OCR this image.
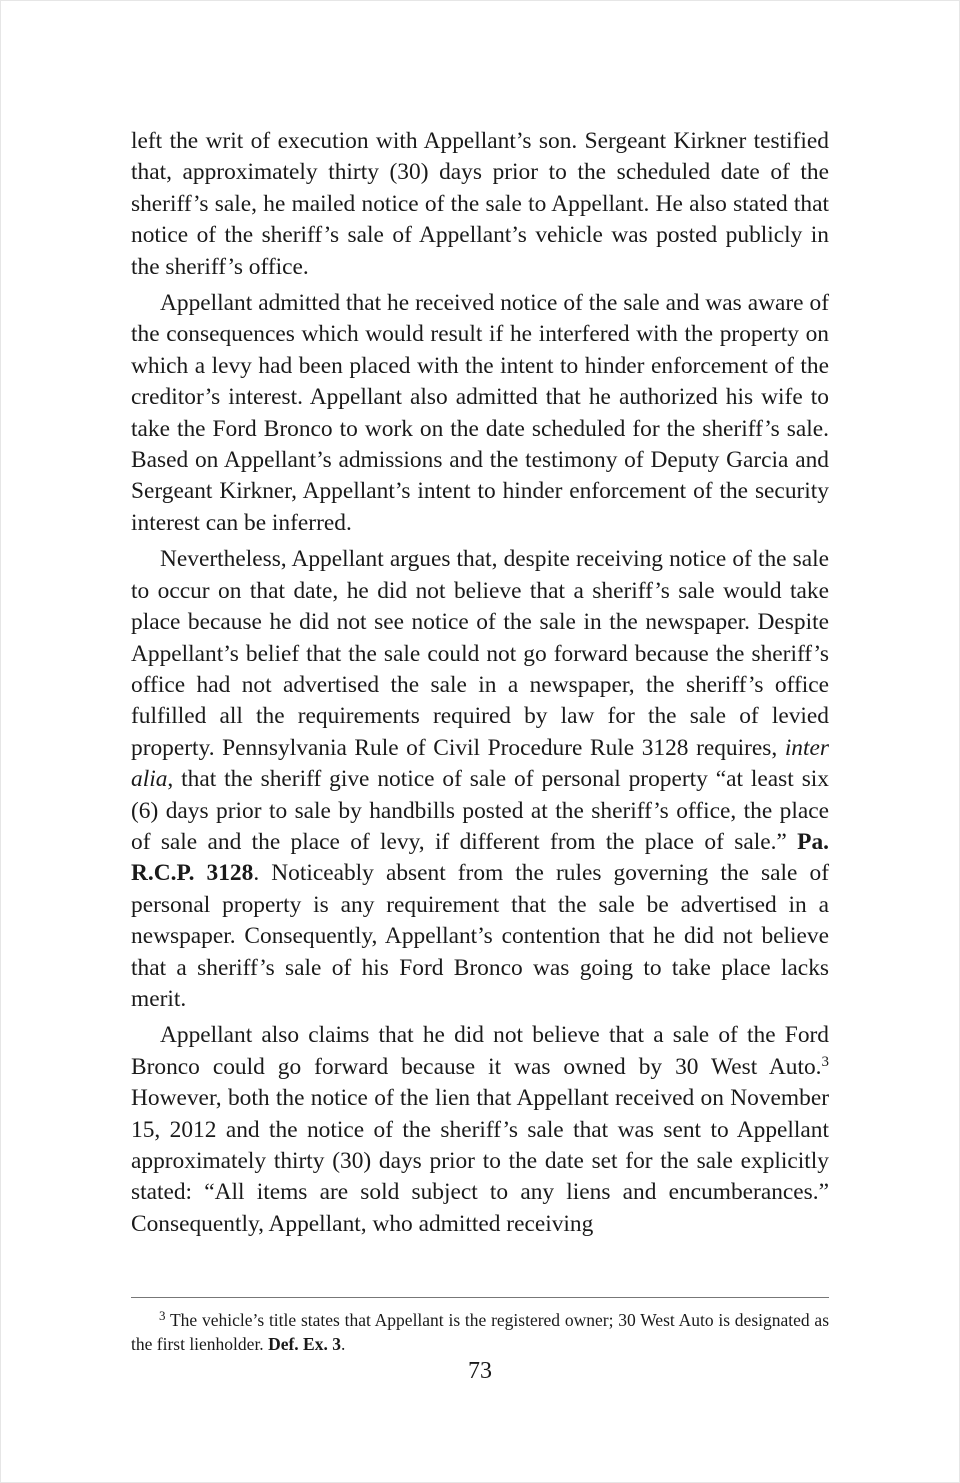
left the writ of execution with Appellant’s son. Sergeant Kirkner testified that, approximately thirty (30) days prior to the scheduled date of the sheriff’s sale, he mailed notice of the sale to Appellant. He also stated that notice of the sheriff’s sale of Appellant’s vehicle was posted publicly in the sheriff’s office.

Appellant admitted that he received notice of the sale and was aware of the consequences which would result if he interfered with the property on which a levy had been placed with the intent to hinder enforcement of the creditor’s interest. Appellant also admitted that he authorized his wife to take the Ford Bronco to work on the date scheduled for the sheriff’s sale. Based on Appellant’s admissions and the testimony of Deputy Garcia and Sergeant Kirkner, Appellant’s intent to hinder enforcement of the security interest can be inferred.

Nevertheless, Appellant argues that, despite receiving notice of the sale to occur on that date, he did not believe that a sheriff’s sale would take place because he did not see notice of the sale in the newspaper. Despite Appellant’s belief that the sale could not go forward because the sheriff’s office had not advertised the sale in a newspaper, the sheriff’s office fulfilled all the requirements required by law for the sale of levied property. Pennsylvania Rule of Civil Procedure Rule 3128 requires, inter alia, that the sheriff give notice of sale of personal property “at least six (6) days prior to sale by handbills posted at the sheriff’s office, the place of sale and the place of levy, if different from the place of sale.” Pa. R.C.P. 3128. Noticeably absent from the rules governing the sale of personal property is any requirement that the sale be advertised in a newspaper. Consequently, Appellant’s contention that he did not believe that a sheriff’s sale of his Ford Bronco was going to take place lacks merit.

Appellant also claims that he did not believe that a sale of the Ford Bronco could go forward because it was owned by 30 West Auto.$^3$ However, both the notice of the lien that Appellant received on November 15, 2012 and the notice of the sheriff’s sale that was sent to Appellant approximately thirty (30) days prior to the date set for the sale explicitly stated: “All items are sold subject to any liens and encumberances.” Consequently, Appellant, who admitted receiving

$^3$ The vehicle’s title states that Appellant is the registered owner; 30 West Auto is designated as the first lienholder. Def. Ex. 3.
73
